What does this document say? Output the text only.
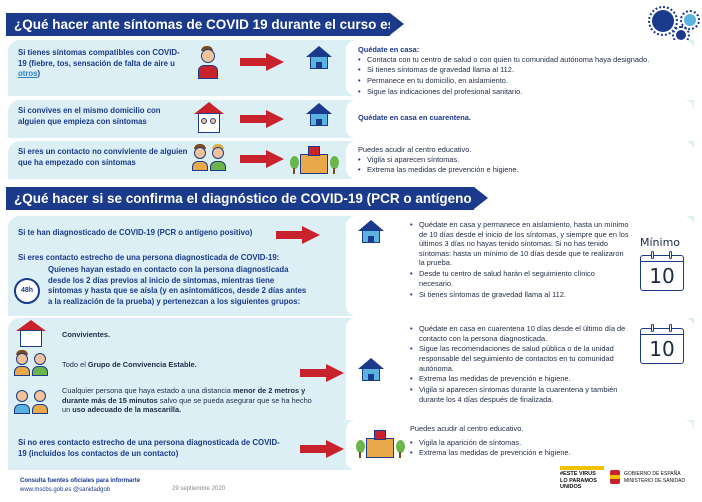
¿Qué hacer ante síntomas de COVID 19 durante el curso escolar?
Si tienes síntomas compatibles con COVID-19 (fiebre, tos, sensación de falta de aire u otros)
Quédate en casa:
• Contacta con tu centro de salud o con quien tu comunidad autónoma haya designado.
• Si tienes síntomas de gravedad llama al 112.
• Permanece en tu domicilio, en aislamiento.
• Sigue las indicaciones del profesional sanitario.
Si convives en el mismo domicilio con alguien que empieza con síntomas	Quédate en casa en cuarentena.
Si eres un contacto no conviviente de alguien que ha empezado con síntomas
Puedes acudir al centro educativo.
• Vigila si aparecen síntomas.
• Extrema las medidas de prevención e higiene.
¿Qué hacer si se confirma el diagnóstico de COVID-19 (PCR o antígeno positivo)?
Si te han diagnosticado de COVID-19 (PCR o antígeno positivo)
• Quédate en casa y permanece en aislamiento, hasta un mínimo de 10 días desde el inicio de los síntomas, y siempre que en los últimos 3 días no hayas tenido síntomas. Si no has tenido síntomas: hasta un mínimo de 10 días desde que te realizaron la prueba.
• Desde tu centro de salud harán el seguimiento clínico necesario.
• Si tienes síntomas de gravedad llama al 112.
Mínimo
10
Si eres contacto estrecho de una persona diagnosticada de COVID-19:
48h
Quienes hayan estado en contacto con la persona diagnosticada desde los 2 días previos al inicio de síntomas, mientras tiene síntomas y hasta que se aísla (y en asintomáticos, desde 2 días antes a la realización de la prueba) y pertenezcan a los siguientes grupos:
Convivientes.
Todo el Grupo de Convivencia Estable.
Cualquier persona que haya estado a una distancia menor de 2 metros y durante más de 15 minutos salvo que se pueda asegurar que se ha hecho un uso adecuado de la mascarilla.
• Quédate en casa en cuarentena 10 días desde el último día de contacto con la persona diagnosticada.
• Sigue las recomendaciones de salud pública o de la unidad responsable del seguimiento de contactos en tu comunidad autónoma.
• Extrema las medidas de prevención e higiene.
• Vigila si aparecen síntomas durante la cuarentena y también durante los 4 días después de finalizada.
10
Si no eres contacto estrecho de una persona diagnosticada de COVID-19 (incluidos los contactos de un contacto)
Puedes acudir al centro educativo.
• Vigila la aparición de síntomas.
• Extrema las medidas de prevención e higiene.
Consulta fuentes oficiales para informarte
www.mscbs.gob.es @sanidadgob	29 septiembre 2020
#ESTE VIRUS LO PARAMOS UNIDOS
GOBIERNO DE ESPAÑA MINISTERIO DE SANIDAD
